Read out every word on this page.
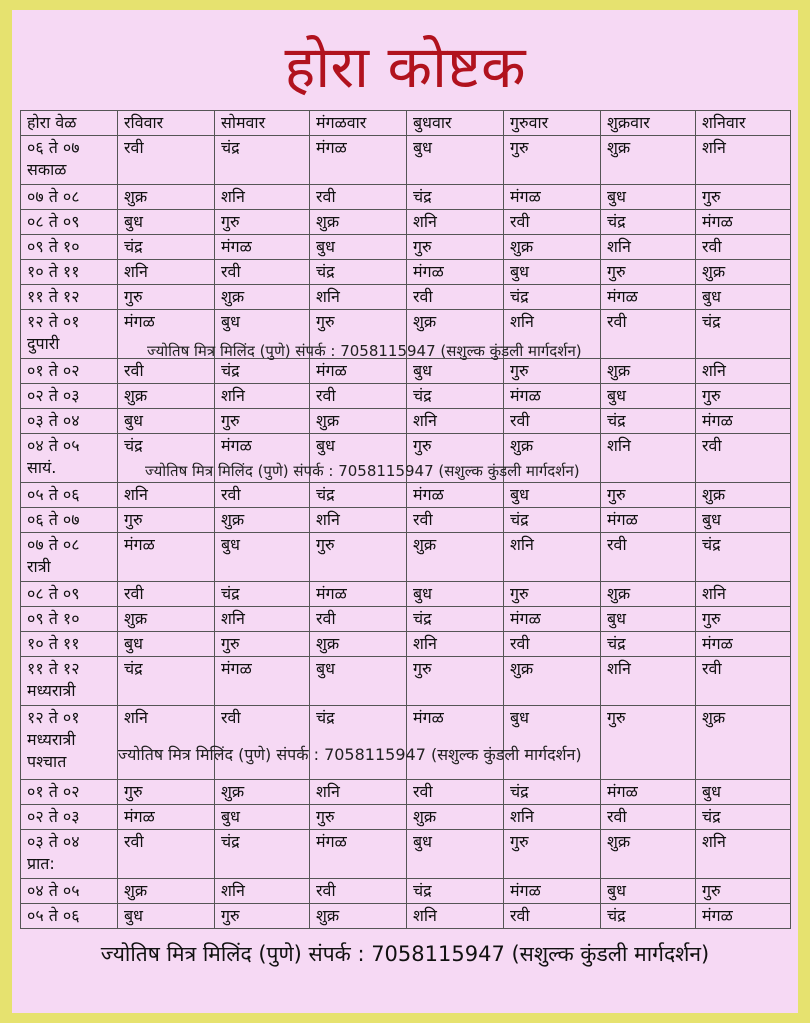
होरा कोष्टक
होरा वेळ	रविवार	सोमवार	मंगळवार	बुधवार	गुरुवार	शुक्रवार	शनिवार

०६ ते ०७
सकाळ	रवी	चंद्र	मंगळ	बुध	गुरु	शुक्र	शनि

०७ ते ०८	शुक्र	शनि	रवी	चंद्र	मंगळ	बुध	गुरु

०८ ते ०९	बुध	गुरु	शुक्र	शनि	रवी	चंद्र	मंगळ

०९ ते १०	चंद्र	मंगळ	बुध	गुरु	शुक्र	शनि	रवी

१० ते ११	शनि	रवी	चंद्र	मंगळ	बुध	गुरु	शुक्र

११ ते १२	गुरु	शुक्र	शनि	रवी	चंद्र	मंगळ	बुध

१२ ते ०१
दुपारी	मंगळ	बुध	गुरु	शुक्र	शनि	रवी	चंद्र

०१ ते ०२	रवी	चंद्र	मंगळ	बुध	गुरु	शुक्र	शनि

०२ ते ०३	शुक्र	शनि	रवी	चंद्र	मंगळ	बुध	गुरु

०३ ते ०४	बुध	गुरु	शुक्र	शनि	रवी	चंद्र	मंगळ

०४ ते ०५
सायं.	चंद्र	मंगळ	बुध	गुरु	शुक्र	शनि	रवी

०५ ते ०६	शनि	रवी	चंद्र	मंगळ	बुध	गुरु	शुक्र

०६ ते ०७	गुरु	शुक्र	शनि	रवी	चंद्र	मंगळ	बुध

०७ ते ०८
रात्री	मंगळ	बुध	गुरु	शुक्र	शनि	रवी	चंद्र

०८ ते ०९	रवी	चंद्र	मंगळ	बुध	गुरु	शुक्र	शनि

०९ ते १०	शुक्र	शनि	रवी	चंद्र	मंगळ	बुध	गुरु

१० ते ११	बुध	गुरु	शुक्र	शनि	रवी	चंद्र	मंगळ

११ ते १२
मध्यरात्री	चंद्र	मंगळ	बुध	गुरु	शुक्र	शनि	रवी

१२ ते ०१
मध्यरात्री
पश्चात	शनि	रवी	चंद्र	मंगळ	बुध	गुरु	शुक्र

०१ ते ०२	गुरु	शुक्र	शनि	रवी	चंद्र	मंगळ	बुध

०२ ते ०३	मंगळ	बुध	गुरु	शुक्र	शनि	रवी	चंद्र

०३ ते ०४
प्रात:	रवी	चंद्र	मंगळ	बुध	गुरु	शुक्र	शनि

०४ ते ०५	शुक्र	शनि	रवी	चंद्र	मंगळ	बुध	गुरु

०५ ते ०६	बुध	गुरु	शुक्र	शनि	रवी	चंद्र	मंगळ
ज्योतिष मित्र मिलिंद (पुणे) संपर्क : 7058115947 (सशुल्क कुंडली मार्गदर्शन)
ज्योतिष मित्र मिलिंद (पुणे) संपर्क : 7058115947 (सशुल्क कुंडली मार्गदर्शन)
ज्योतिष मित्र मिलिंद (पुणे) संपर्क : 7058115947 (सशुल्क कुंडली मार्गदर्शन)
ज्योतिष मित्र मिलिंद (पुणे) संपर्क : 7058115947 (सशुल्क कुंडली मार्गदर्शन)
